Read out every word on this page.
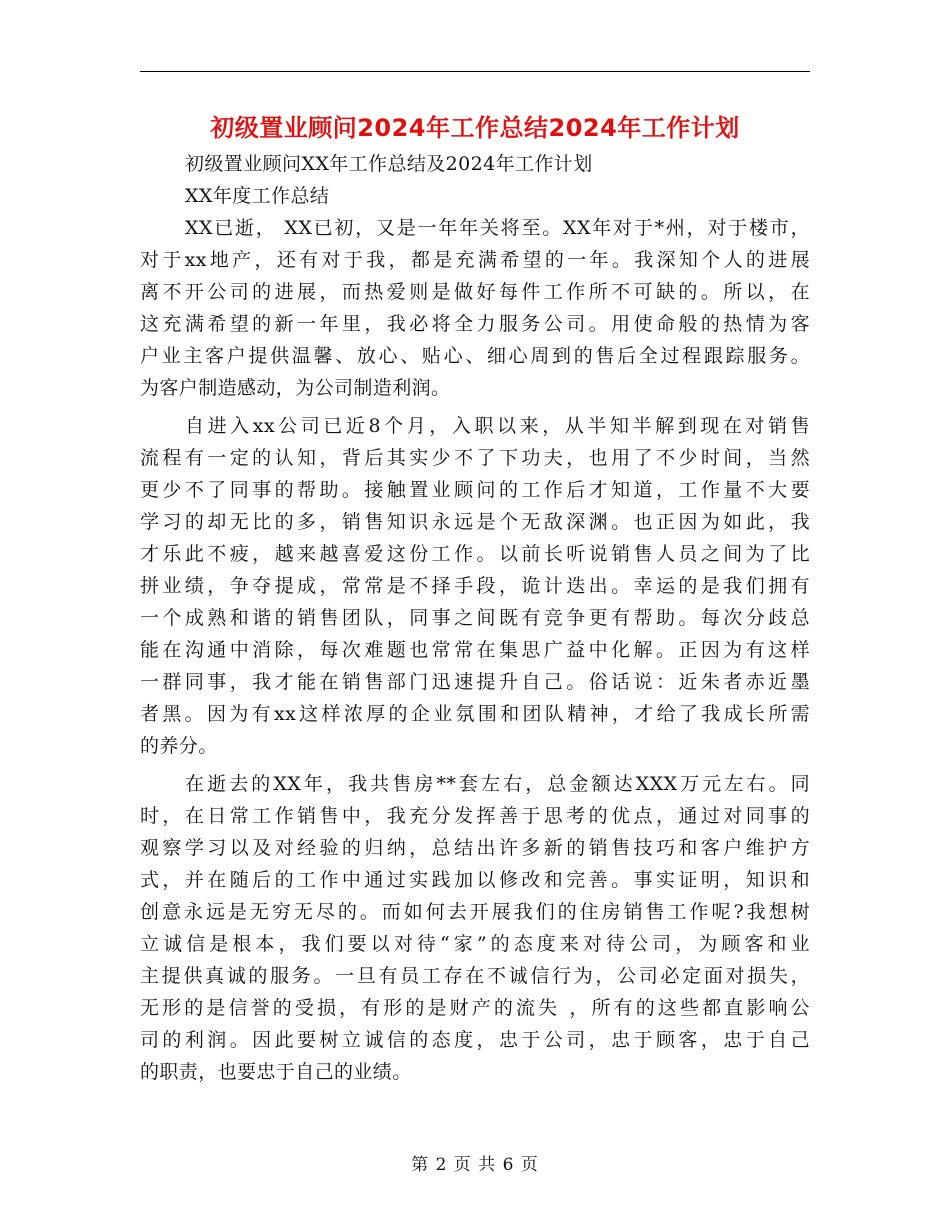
初级置业顾问2024年工作总结2024年工作计划
初级置业顾问XX年工作总结及2024年工作计划
XX年度工作总结
XX已逝， XX已初，又是一年年关将至。XX年对于*州，对于楼市，
对于xx地产，还有对于我，都是充满希望的一年。我深知个人的进展
离不开公司的进展，而热爱则是做好每件工作所不可缺的。所以，在
这充满希望的新一年里，我必将全力服务公司。用使命般的热情为客
户业主客户提供温馨、放心、贴心、细心周到的售后全过程跟踪服务。
为客户制造感动，为公司制造利润。
自进入xx公司已近8个月，入职以来，从半知半解到现在对销售
流程有一定的认知，背后其实少不了下功夫，也用了不少时间，当然
更少不了同事的帮助。接触置业顾问的工作后才知道，工作量不大要
学习的却无比的多，销售知识永远是个无敌深渊。也正因为如此，我
才乐此不疲，越来越喜爱这份工作。以前长听说销售人员之间为了比
拼业绩，争夺提成，常常是不择手段，诡计迭出。幸运的是我们拥有
一个成熟和谐的销售团队，同事之间既有竞争更有帮助。每次分歧总
能在沟通中消除，每次难题也常常在集思广益中化解。正因为有这样
一群同事，我才能在销售部门迅速提升自己。俗话说：近朱者赤近墨
者黑。因为有xx这样浓厚的企业氛围和团队精神，才给了我成长所需
的养分。
在逝去的XX年，我共售房**套左右，总金额达XXX万元左右。同
时，在日常工作销售中，我充分发挥善于思考的优点，通过对同事的
观察学习以及对经验的归纳，总结出许多新的销售技巧和客户维护方
式，并在随后的工作中通过实践加以修改和完善。事实证明，知识和
创意永远是无穷无尽的。而如何去开展我们的住房销售工作呢?我想树
立诚信是根本，我们要以对待“家”的态度来对待公司，为顾客和业
主提供真诚的服务。一旦有员工存在不诚信行为，公司必定面对损失，
无形的是信誉的受损，有形的是财产的流失 ，所有的这些都直影响公
司的利润。因此要树立诚信的态度，忠于公司，忠于顾客，忠于自己
的职责，也要忠于自己的业绩。
第 2 页 共 6 页
